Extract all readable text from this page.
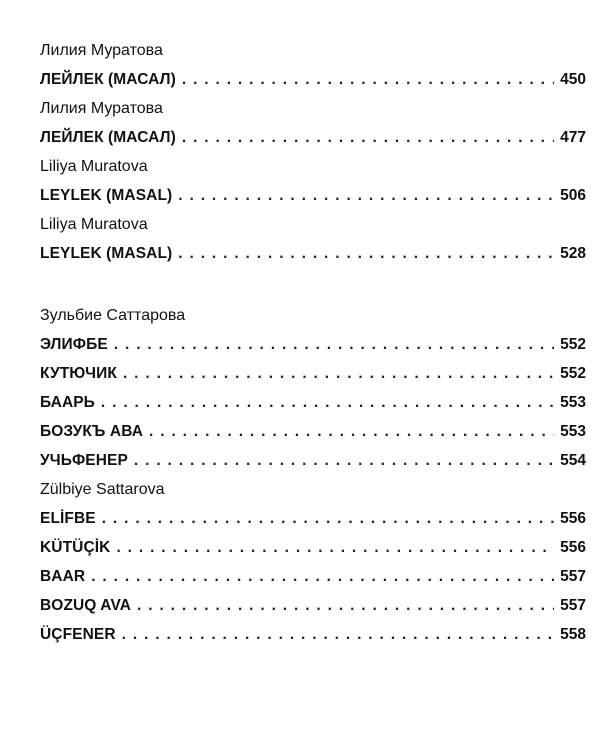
Лилия Муратова
ЛЕЙЛЕК (МАСАЛ) . . .	450
Лилия Муратова
ЛЕЙЛЕК (МАСАЛ) . . .	477
Liliya Muratova
LEYLEK (MASAL) . . .	506
Liliya Muratova
LEYLEK (MASAL) . . .	528
Зульбие Саттарова
ЭЛИФБЕ . . .	552
КУТЮЧИК . . .	552
БААРЬ . . .	553
БОЗУКЪ АВА . . .	553
УЧЬФЕНЕР . . .	554
Zülbiye Sattarova
ELİFBE . . .	556
KÜTÜÇİK . . .	556
BAAR . . .	557
BOZUQ AVA . . .	557
ÜÇFENER . . .	558
